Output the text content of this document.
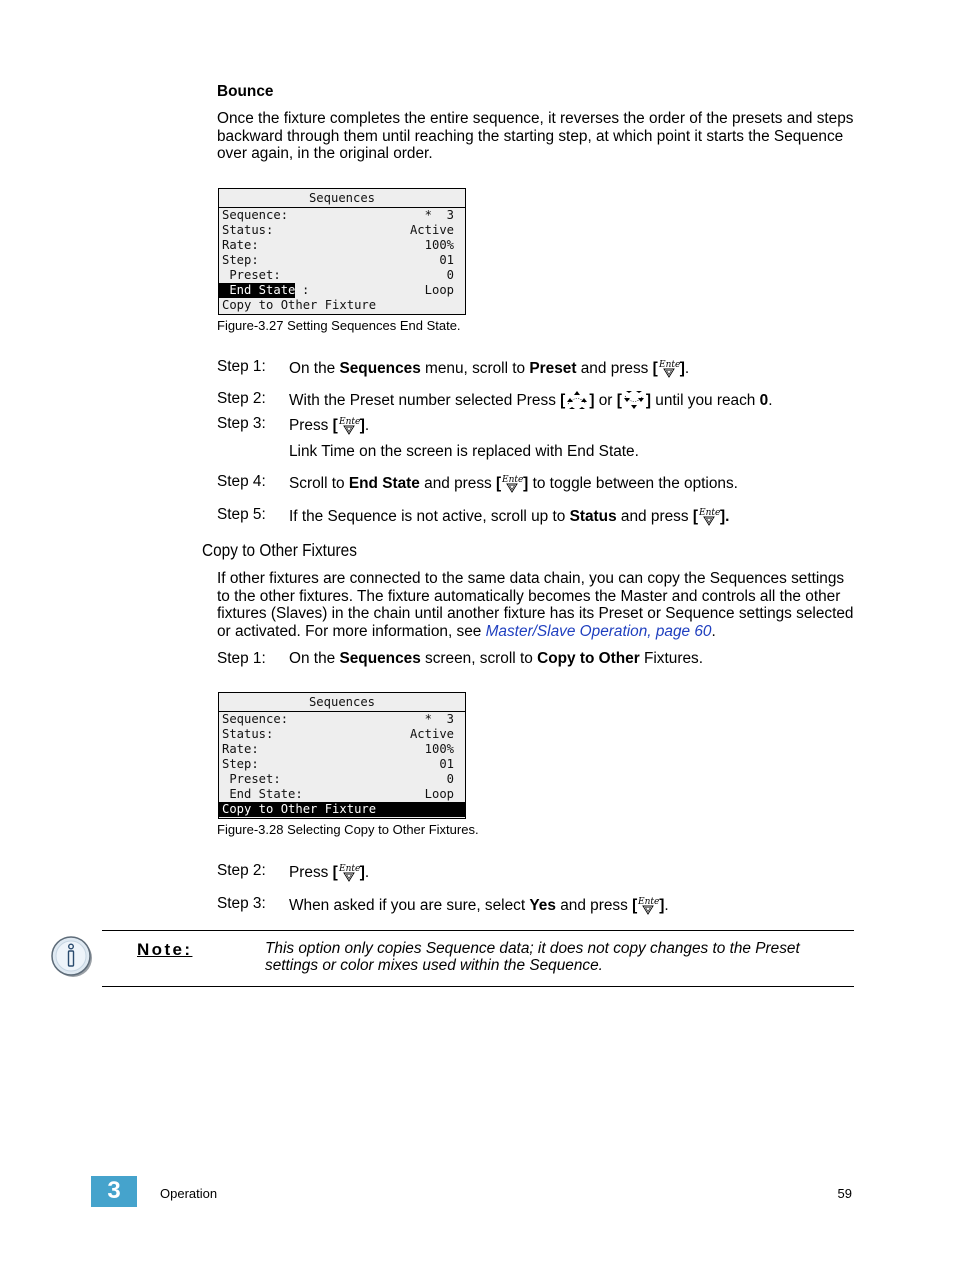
Bounce
Once the fixture completes the entire sequence, it reverses the order of the presets and steps backward through them until reaching the starting step, at which point it starts the Sequence over again, in the original order.
Sequences
Sequence:	*  3
Status:	Active
Rate:	100%
Step:	01
Preset:	0
End State :	Loop
Copy to Other Fixture
Figure-3.27 Setting Sequences End State.
Step 1: On the Sequences menu, scroll to Preset and press [ ].
Step 2: With the Preset number selected Press [ ] or [ ] until you reach 0.
Step 3: Press [ ].
Link Time on the screen is replaced with End State.
Step 4: Scroll to End State and press [ ] to toggle between the options.
Step 5: If the Sequence is not active, scroll up to Status and press [ ].
Copy to Other Fixtures
If other fixtures are connected to the same data chain, you can copy the Sequences settings to the other fixtures. The fixture automatically becomes the Master and controls all the other fixtures (Slaves) in the chain until another fixture has its Preset or Sequence settings selected or activated. For more information, see Master/Slave Operation, page 60.
Step 1: On the Sequences screen, scroll to Copy to Other Fixtures.
Sequences
Sequence:	*  3
Status:	Active
Rate:	100%
Step:	01
Preset:	0
End State:	Loop
Copy to Other Fixture
Figure-3.28 Selecting Copy to Other Fixtures.
Step 2: Press [ ].
Step 3: When asked if you are sure, select Yes and press [ ].
Note:	This option only copies Sequence data; it does not copy changes to the Preset settings or color mixes used within the Sequence.
3	Operation	59
